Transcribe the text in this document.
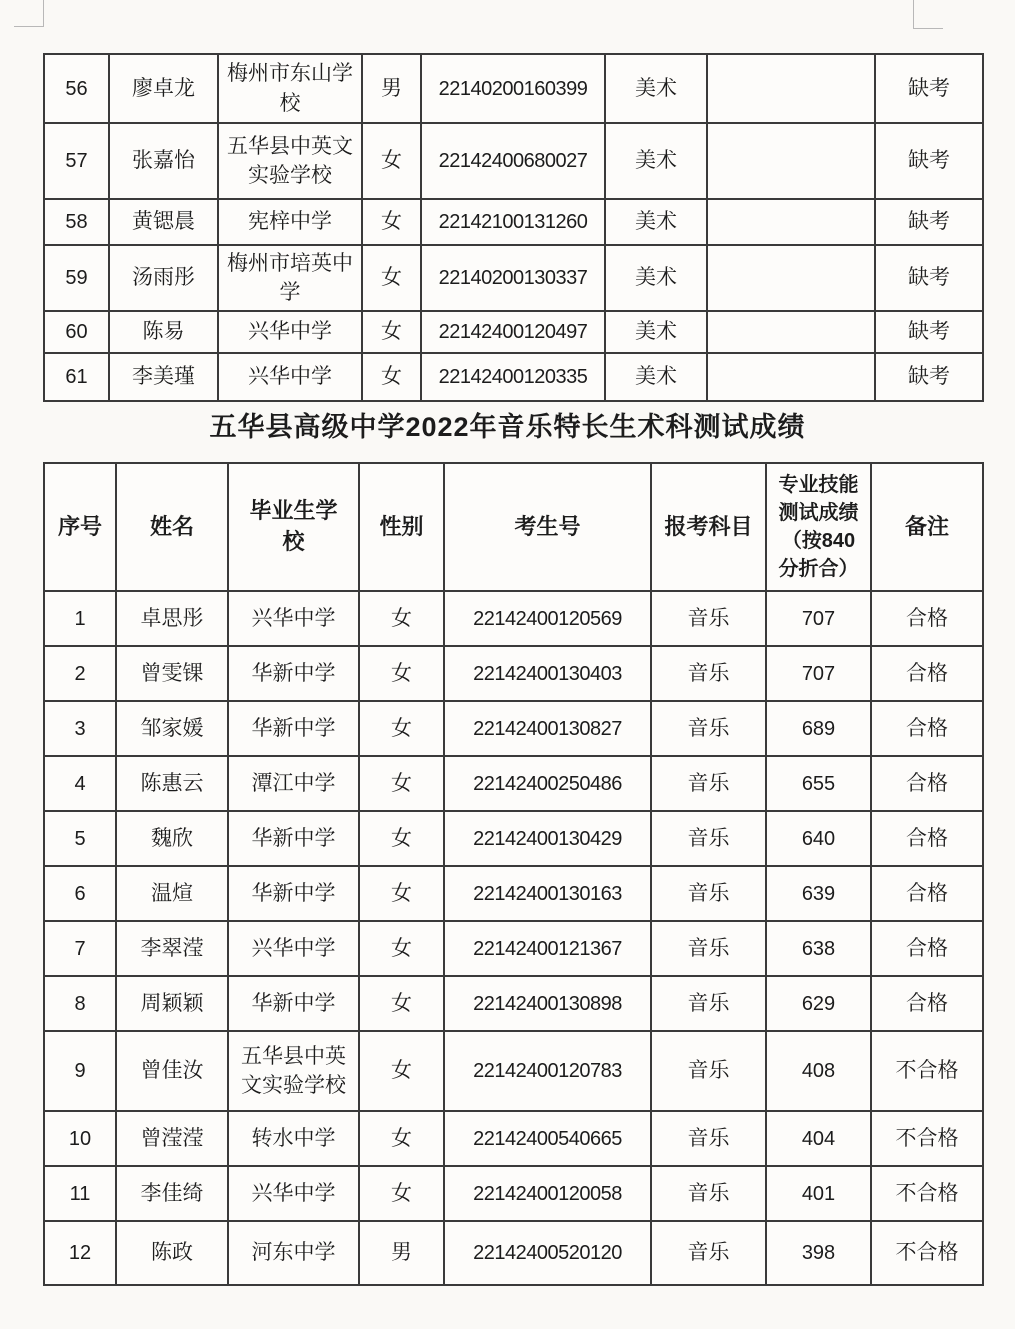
56	廖卓龙	梅州市东山学校	男	22140200160399	美术		缺考
57	张嘉怡	五华县中英文实验学校	女	22142400680027	美术		缺考
58	黄锶晨	宪梓中学	女	22142100131260	美术		缺考
59	汤雨彤	梅州市培英中学	女	22140200130337	美术		缺考
60	陈易	兴华中学	女	22142400120497	美术		缺考
61	李美瑾	兴华中学	女	22142400120335	美术		缺考
五华县高级中学2022年音乐特长生术科测试成绩
序号	姓名	毕业生学校	性别	考生号	报考科目	专业技能测试成绩（按840分折合）	备注
1	卓思彤	兴华中学	女	22142400120569	音乐	707	合格
2	曾雯锞	华新中学	女	22142400130403	音乐	707	合格
3	邹家媛	华新中学	女	22142400130827	音乐	689	合格
4	陈惠云	潭江中学	女	22142400250486	音乐	655	合格
5	魏欣	华新中学	女	22142400130429	音乐	640	合格
6	温煊	华新中学	女	22142400130163	音乐	639	合格
7	李翠滢	兴华中学	女	22142400121367	音乐	638	合格
8	周颖颖	华新中学	女	22142400130898	音乐	629	合格
9	曾佳汝	五华县中英文实验学校	女	22142400120783	音乐	408	不合格
10	曾滢滢	转水中学	女	22142400540665	音乐	404	不合格
11	李佳绮	兴华中学	女	22142400120058	音乐	401	不合格
12	陈政	河东中学	男	22142400520120	音乐	398	不合格
